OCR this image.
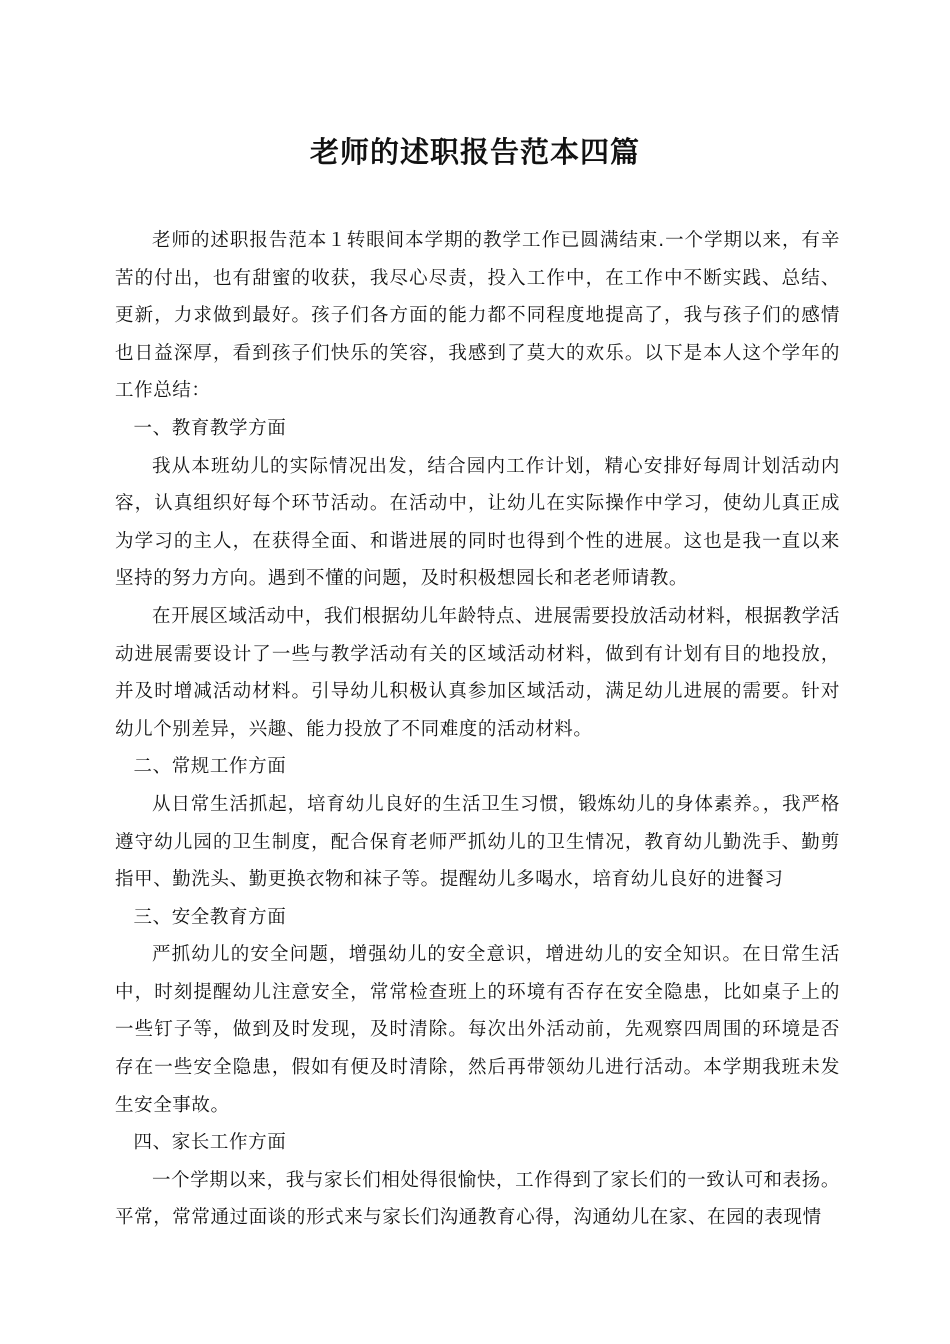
老师的述职报告范本四篇

老师的述职报告范本１转眼间本学期的教学工作已圆满结束.一个学期以来，有辛苦的付出，也有甜蜜的收获，我尽心尽责，投入工作中，在工作中不断实践、总结、更新，力求做到最好。孩子们各方面的能力都不同程度地提高了，我与孩子们的感情也日益深厚，看到孩子们快乐的笑容，我感到了莫大的欢乐。以下是本人这个学年的工作总结：

一、教育教学方面

我从本班幼儿的实际情况出发，结合园内工作计划，精心安排好每周计划活动内容，认真组织好每个环节活动。在活动中，让幼儿在实际操作中学习，使幼儿真正成为学习的主人，在获得全面、和谐进展的同时也得到个性的进展。这也是我一直以来坚持的努力方向。遇到不懂的问题，及时积极想园长和老老师请教。

在开展区域活动中，我们根据幼儿年龄特点、进展需要投放活动材料，根据教学活动进展需要设计了一些与教学活动有关的区域活动材料，做到有计划有目的地投放，并及时增减活动材料。引导幼儿积极认真参加区域活动，满足幼儿进展的需要。针对幼儿个别差异，兴趣、能力投放了不同难度的活动材料。

二、常规工作方面

从日常生活抓起，培育幼儿良好的生活卫生习惯，锻炼幼儿的身体素养。，我严格遵守幼儿园的卫生制度，配合保育老师严抓幼儿的卫生情况，教育幼儿勤洗手、勤剪指甲、勤洗头、勤更换衣物和袜子等。提醒幼儿多喝水，培育幼儿良好的进餐习

三、安全教育方面

严抓幼儿的安全问题，增强幼儿的安全意识，增进幼儿的安全知识。在日常生活中，时刻提醒幼儿注意安全，常常检查班上的环境有否存在安全隐患，比如桌子上的一些钉子等，做到及时发现，及时清除。每次出外活动前，先观察四周围的环境是否存在一些安全隐患，假如有便及时清除，然后再带领幼儿进行活动。本学期我班未发生安全事故。

四、家长工作方面

一个学期以来，我与家长们相处得很愉快，工作得到了家长们的一致认可和表扬。平常，常常通过面谈的形式来与家长们沟通教育心得，沟通幼儿在家、在园的表现情
